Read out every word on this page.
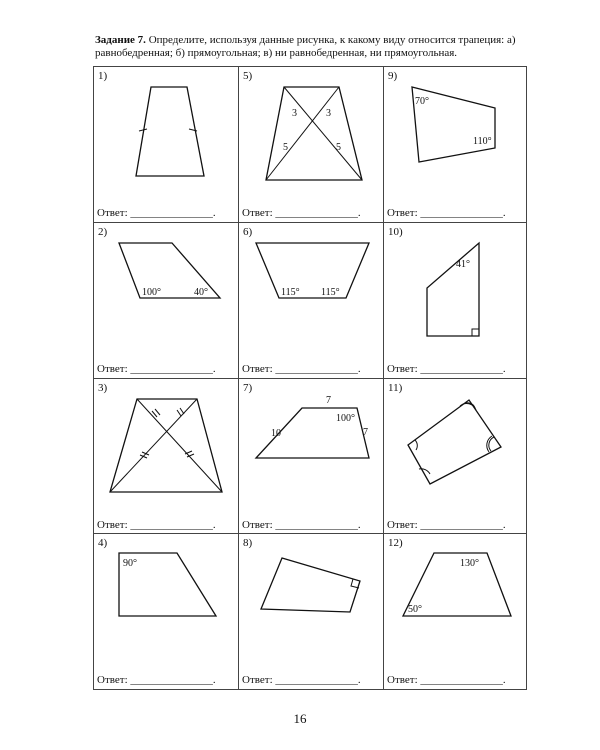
Задание 7. Определите, используя данные рисунка, к какому виду относится трапеция: а) равнобедренная; б) прямоугольная; в) ни равнобедренная, ни прямоугольная.
1)
Ответ: _______________.
5)
3	3
5	5
Ответ: _______________.
9)
70°
110°
Ответ: _______________.
2)
100°	40°
Ответ: _______________.
6)
115° 115°
Ответ: _______________.
10)
41°
Ответ: _______________.
3)
Ответ: _______________.
7)
7
100°
10	7
Ответ: _______________.
11)
Ответ: _______________.
4)
90°
Ответ: _______________.
8)
Ответ: _______________.
12)
130°
50°
Ответ: _______________.
16
